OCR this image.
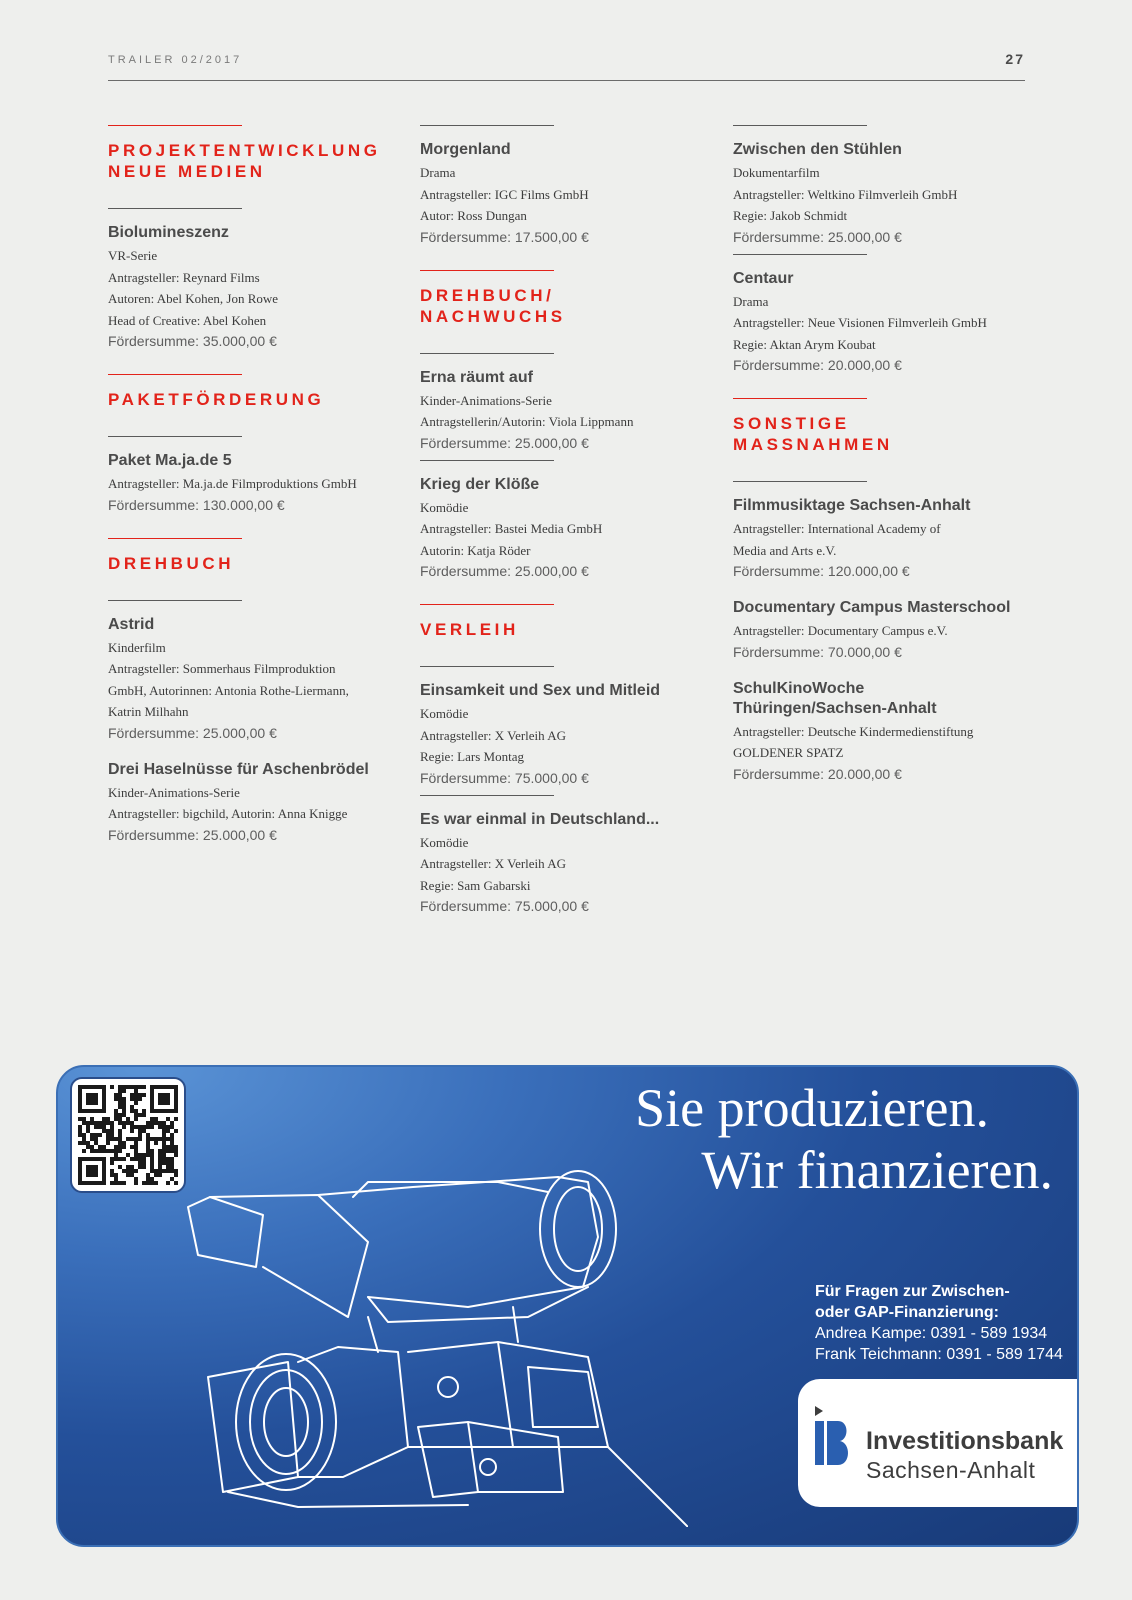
TRAILER 02/2017	27
PROJEKTENTWICKLUNG
NEUE MEDIEN
Biolumineszenz
VR-Serie
Antragsteller: Reynard Films
Autoren: Abel Kohen, Jon Rowe
Head of Creative: Abel Kohen
Fördersumme: 35.000,00 €
PAKETFÖRDERUNG
Paket Ma.ja.de 5
Antragsteller: Ma.ja.de Filmproduktions GmbH
Fördersumme: 130.000,00 €
DREHBUCH
Astrid
Kinderfilm
Antragsteller: Sommerhaus Filmproduktion
GmbH, Autorinnen: Antonia Rothe-Liermann,
Katrin Milhahn
Fördersumme: 25.000,00 €
Drei Haselnüsse für Aschenbrödel
Kinder-Animations-Serie
Antragsteller: bigchild, Autorin: Anna Knigge
Fördersumme: 25.000,00 €
Morgenland
Drama
Antragsteller: IGC Films GmbH
Autor: Ross Dungan
Fördersumme: 17.500,00 €
DREHBUCH/
NACHWUCHS
Erna räumt auf
Kinder-Animations-Serie
Antragstellerin/Autorin: Viola Lippmann
Fördersumme: 25.000,00 €
Krieg der Klöße
Komödie
Antragsteller: Bastei Media GmbH
Autorin: Katja Röder
Fördersumme: 25.000,00 €
VERLEIH
Einsamkeit und Sex und Mitleid
Komödie
Antragsteller: X Verleih AG
Regie: Lars Montag
Fördersumme: 75.000,00 €
Es war einmal in Deutschland...
Komödie
Antragsteller: X Verleih AG
Regie: Sam Gabarski
Fördersumme: 75.000,00 €
Zwischen den Stühlen
Dokumentarfilm
Antragsteller: Weltkino Filmverleih GmbH
Regie: Jakob Schmidt
Fördersumme: 25.000,00 €
Centaur
Drama
Antragsteller: Neue Visionen Filmverleih GmbH
Regie: Aktan Arym Koubat
Fördersumme: 20.000,00 €
SONSTIGE
MASSNAHMEN
Filmmusiktage Sachsen-Anhalt
Antragsteller: International Academy of
Media and Arts e.V.
Fördersumme: 120.000,00 €
Documentary Campus Masterschool
Antragsteller: Documentary Campus e.V.
Fördersumme: 70.000,00 €
SchulKinoWoche
Thüringen/Sachsen-Anhalt
Antragsteller: Deutsche Kindermedienstiftung
GOLDENER SPATZ
Fördersumme: 20.000,00 €
Sie produzieren.
Wir finanzieren.
Für Fragen zur Zwischen-
oder GAP-Finanzierung:
Andrea Kampe: 0391 - 589 1934
Frank Teichmann: 0391 - 589 1744
Investitionsbank
Sachsen-Anhalt
